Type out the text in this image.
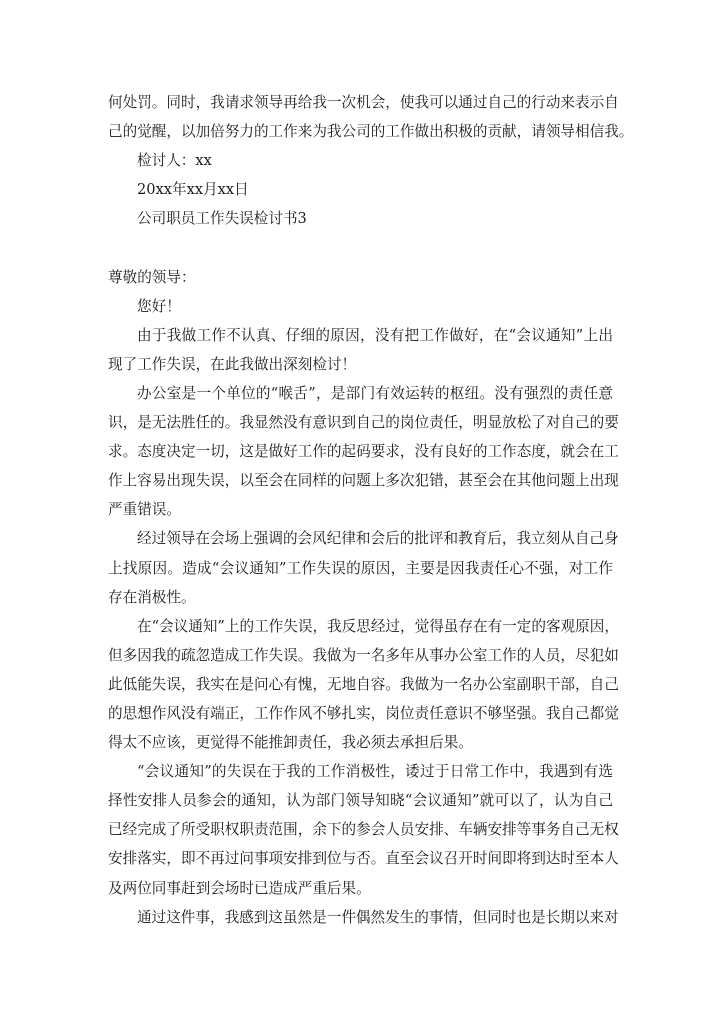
何处罚。同时，我请求领导再给我一次机会，使我可以通过自己的行动来表示自

己的觉醒，以加倍努力的工作来为我公司的工作做出积极的贡献，请领导相信我。

检讨人：xx

20xx年xx月xx日

公司职员工作失误检讨书3

尊敬的领导：

您好！

由于我做工作不认真、仔细的原因，没有把工作做好，在“会议通知”上出

现了工作失误，在此我做出深刻检讨！

办公室是一个单位的“喉舌”，是部门有效运转的枢纽。没有强烈的责任意

识，是无法胜任的。我显然没有意识到自己的岗位责任，明显放松了对自己的要

求。态度决定一切，这是做好工作的起码要求，没有良好的工作态度，就会在工

作上容易出现失误，以至会在同样的问题上多次犯错，甚至会在其他问题上出现

严重错误。

经过领导在会场上强调的会风纪律和会后的批评和教育后，我立刻从自己身

上找原因。造成“会议通知”工作失误的原因，主要是因我责任心不强，对工作

存在消极性。

在“会议通知”上的工作失误，我反思经过，觉得虽存在有一定的客观原因，

但多因我的疏忽造成工作失误。我做为一名多年从事办公室工作的人员，尽犯如

此低能失误，我实在是问心有愧，无地自容。我做为一名办公室副职干部，自己

的思想作风没有端正，工作作风不够扎实，岗位责任意识不够坚强。我自己都觉

得太不应该，更觉得不能推卸责任，我必须去承担后果。

“会议通知”的失误在于我的工作消极性，诿过于日常工作中，我遇到有选

择性安排人员参会的通知，认为部门领导知晓“会议通知”就可以了，认为自己

已经完成了所受职权职责范围，余下的参会人员安排、车辆安排等事务自己无权

安排落实，即不再过问事项安排到位与否。直至会议召开时间即将到达时至本人

及两位同事赶到会场时已造成严重后果。

通过这件事，我感到这虽然是一件偶然发生的事情，但同时也是长期以来对
